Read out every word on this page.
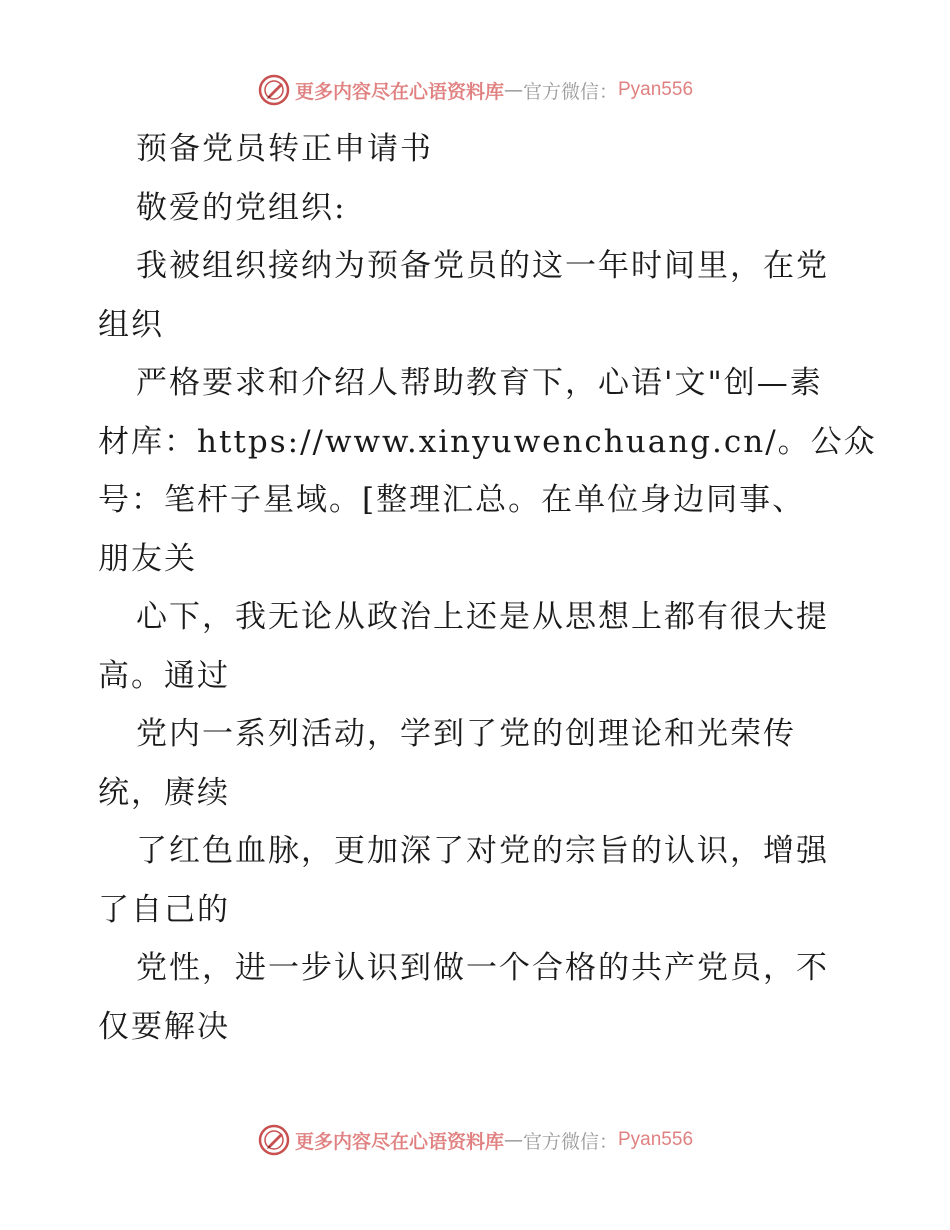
更多内容尽在心语资料库 — 官方微信： Pyan556
预备党员转正申请书
敬爱的党组织:
我被组织接纳为预备党员的这一年时间里，在党
组织
严格要求和介绍人帮助教育下，心语'文"创—素
材库：https://www.xinyuwenchuang.cn/。公众
号：笔杆子星域。[整理汇总。在单位身边同事、
朋友关
心下，我无论从政治上还是从思想上都有很大提
高。通过
党内一系列活动，学到了党的创理论和光荣传
统，赓续
了红色血脉，更加深了对党的宗旨的认识，增强
了自己的
党性，进一步认识到做一个合格的共产党员，不
仅要解决
更多内容尽在心语资料库 — 官方微信： Pyan556
